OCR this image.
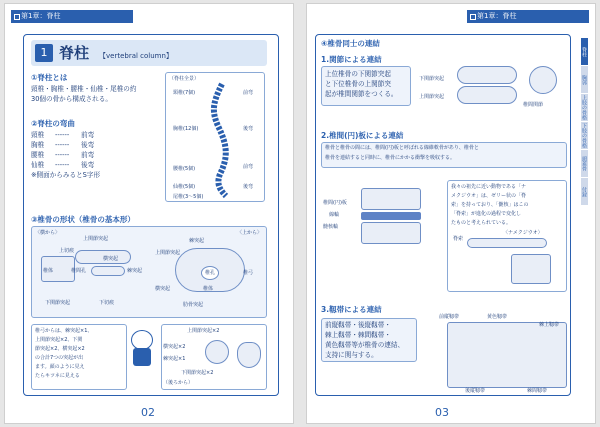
第1章：脊柱
1 脊柱 【vertebral column】
①脊柱とは
頸椎・胸椎・腰椎・仙椎・尾椎の約
30個の骨から構成される。
②脊柱の弯曲
頸椎 ------ 前弯
胸椎 ------ 後弯
腰椎 ------ 前弯
仙椎 ------ 後弯
※側面からみるとS字形
（脊柱全景）
頸椎(7個)
胸椎(12個)
腰椎(5個)
仙椎(5個)
尾椎(3～5個)
前弯
後弯
前弯
後弯
③椎骨の形状（椎骨の基本形）
〈横から〉	〈上から〉
上関節突起
上切痕
椎体	椎間孔
横突起
棘突起
下関節突起	下切痕
棘突起
上関節突起
椎孔	椎弓
椎体
横突起
肋骨突起
椎弓からは、棘突起×1、
上関節突起×2、下関
節突起×2、横突起×2
の合計7つの突起が出
ます。顔のように見え
たらキツネに見える
上関節突起×2
横突起×2
棘突起×1
下関節突起×2
（後ろから）
02
第1章：脊柱
④椎骨同士の連結
1.関節による連結
上位椎骨の下関節突起
と下位椎骨の上関節突
起が椎間関節をつくる。
下関節突起
上関節突起
椎間関節
2.椎間(円)板による連結
椎骨と椎骨の間には、椎間(円)板と呼ばれる線維軟骨があり、椎骨と
椎骨を連結すると同時に、椎骨にかかる衝撃を吸収する。
椎間(円)板
線輪
髄核輪
我々の祖先に近い動物である「ナ
メクジウオ」は、ゼリー状の「脊
索」を持っており、「髄核」はこの
「脊索」が進化の過程で変化し
たものと考えられている。
脊索
〈ナメクジウオ〉
3.靱帯による連結
前縦靱帯・後縦靱帯・
棘上靱帯・棘間靱帯・
黄色靱帯等が椎骨の連結、
支持に関与する。
前縦靱帯	黄色靱帯
棘上靱帯
後縦靱帯	棘間靱帯
脊柱
胸郭
上肢の骨格
下肢の骨格
頭蓋骨
付録
03
